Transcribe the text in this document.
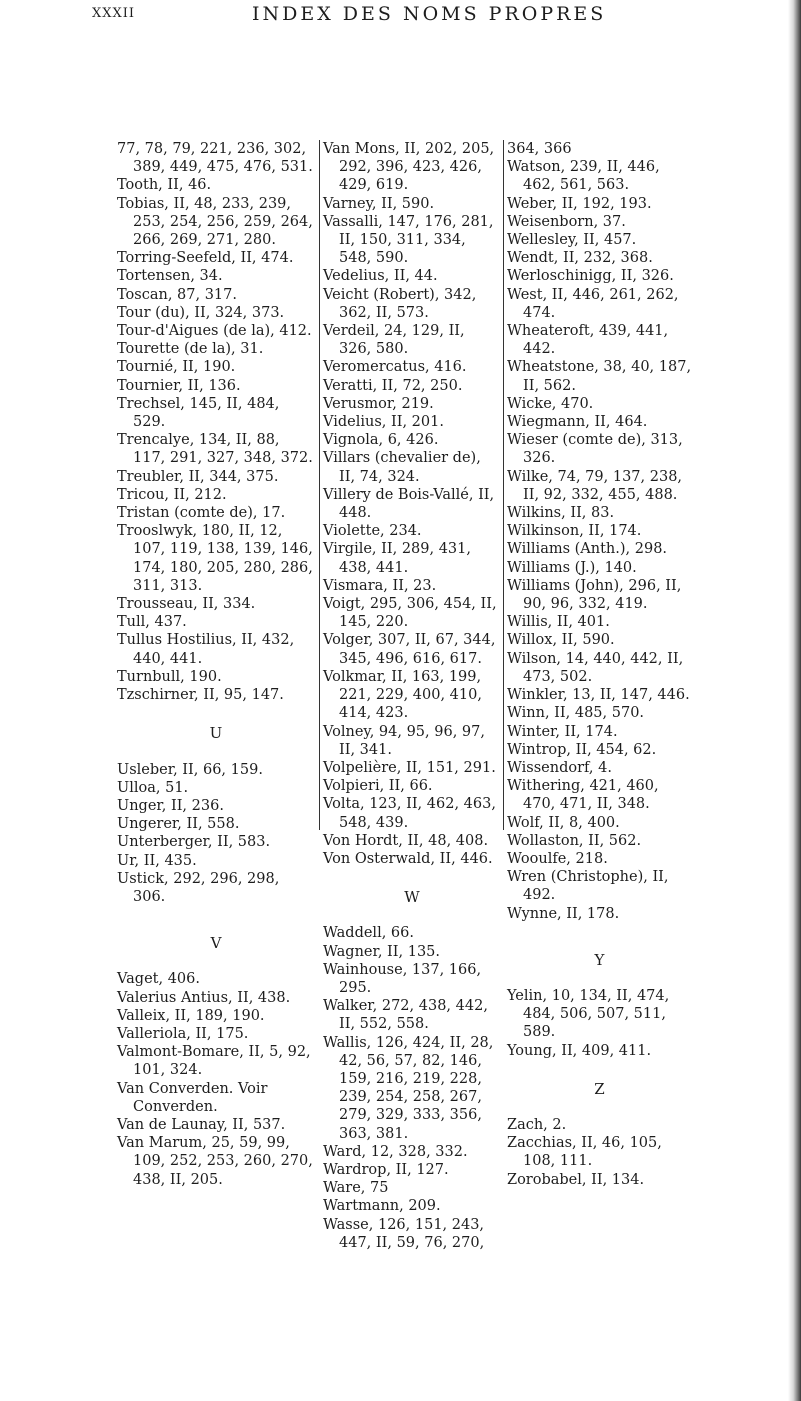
XXXII	INDEX DES NOMS PROPRES
77, 78, 79, 221, 236, 302, 389, 449, 475, 476, 531.
Tooth, II, 46.
Tobias, II, 48, 233, 239, 253, 254, 256, 259, 264, 266, 269, 271, 280.
Torring-Seefeld, II, 474.
Tortensen, 34.
Toscan, 87, 317.
Tour (du), II, 324, 373.
Tour-d'Aigues (de la), 412.
Tourette (de la), 31.
Tournié, II, 190.
Tournier, II, 136.
Trechsel, 145, II, 484, 529.
Trencalye, 134, II, 88, 117, 291, 327, 348, 372.
Treubler, II, 344, 375.
Tricou, II, 212.
Tristan (comte de), 17.
Trooslwyk, 180, II, 12, 107, 119, 138, 139, 146, 174, 180, 205, 280, 286, 311, 313.
Trousseau, II, 334.
Tull, 437.
Tullus Hostilius, II, 432, 440, 441.
Turnbull, 190.
Tzschirner, II, 95, 147.
U
Usleber, II, 66, 159.
Ulloa, 51.
Unger, II, 236.
Ungerer, II, 558.
Unterberger, II, 583.
Ur, II, 435.
Ustick, 292, 296, 298, 306.
V
Vaget, 406.
Valerius Antius, II, 438.
Valleix, II, 189, 190.
Valleriola, II, 175.
Valmont-Bomare, II, 5, 92, 101, 324.
Van Converden. Voir Converden.
Van de Launay, II, 537.
Van Marum, 25, 59, 99, 109, 252, 253, 260, 270, 438, II, 205.
Van Mons, II, 202, 205, 292, 396, 423, 426, 429, 619.
Varney, II, 590.
Vassalli, 147, 176, 281, II, 150, 311, 334, 548, 590.
Vedelius, II, 44.
Veicht (Robert), 342, 362, II, 573.
Verdeil, 24, 129, II, 326, 580.
Veromercatus, 416.
Veratti, II, 72, 250.
Verusmor, 219.
Videlius, II, 201.
Vignola, 6, 426.
Villars (chevalier de), II, 74, 324.
Villery de Bois-Vallé, II, 448.
Violette, 234.
Virgile, II, 289, 431, 438, 441.
Vismara, II, 23.
Voigt, 295, 306, 454, II, 145, 220.
Volger, 307, II, 67, 344, 345, 496, 616, 617.
Volkmar, II, 163, 199, 221, 229, 400, 410, 414, 423.
Volney, 94, 95, 96, 97, II, 341.
Volpelière, II, 151, 291.
Volpieri, II, 66.
Volta, 123, II, 462, 463, 548, 439.
Von Hordt, II, 48, 408.
Von Osterwald, II, 446.
W
Waddell, 66.
Wagner, II, 135.
Wainhouse, 137, 166, 295.
Walker, 272, 438, 442, II, 552, 558.
Wallis, 126, 424, II, 28, 42, 56, 57, 82, 146, 159, 216, 219, 228, 239, 254, 258, 267, 279, 329, 333, 356, 363, 381.
Ward, 12, 328, 332.
Wardrop, II, 127.
Ware, 75
Wartmann, 209.
Wasse, 126, 151, 243, 447, II, 59, 76, 270,
364, 366
Watson, 239, II, 446, 462, 561, 563.
Weber, II, 192, 193.
Weisenborn, 37.
Wellesley, II, 457.
Wendt, II, 232, 368.
Werloschinigg, II, 326.
West, II, 446, 261, 262, 474.
Wheateroft, 439, 441, 442.
Wheatstone, 38, 40, 187, II, 562.
Wicke, 470.
Wiegmann, II, 464.
Wieser (comte de), 313, 326.
Wilke, 74, 79, 137, 238, II, 92, 332, 455, 488.
Wilkins, II, 83.
Wilkinson, II, 174.
Williams (Anth.), 298.
Williams (J.), 140.
Williams (John), 296, II, 90, 96, 332, 419.
Willis, II, 401.
Willox, II, 590.
Wilson, 14, 440, 442, II, 473, 502.
Winkler, 13, II, 147, 446.
Winn, II, 485, 570.
Winter, II, 174.
Wintrop, II, 454, 62.
Wissendorf, 4.
Withering, 421, 460, 470, 471, II, 348.
Wolf, II, 8, 400.
Wollaston, II, 562.
Wooulfe, 218.
Wren (Christophe), II, 492.
Wynne, II, 178.
Y
Yelin, 10, 134, II, 474, 484, 506, 507, 511, 589.
Young, II, 409, 411.
Z
Zach, 2.
Zacchias, II, 46, 105, 108, 111.
Zorobabel, II, 134.
